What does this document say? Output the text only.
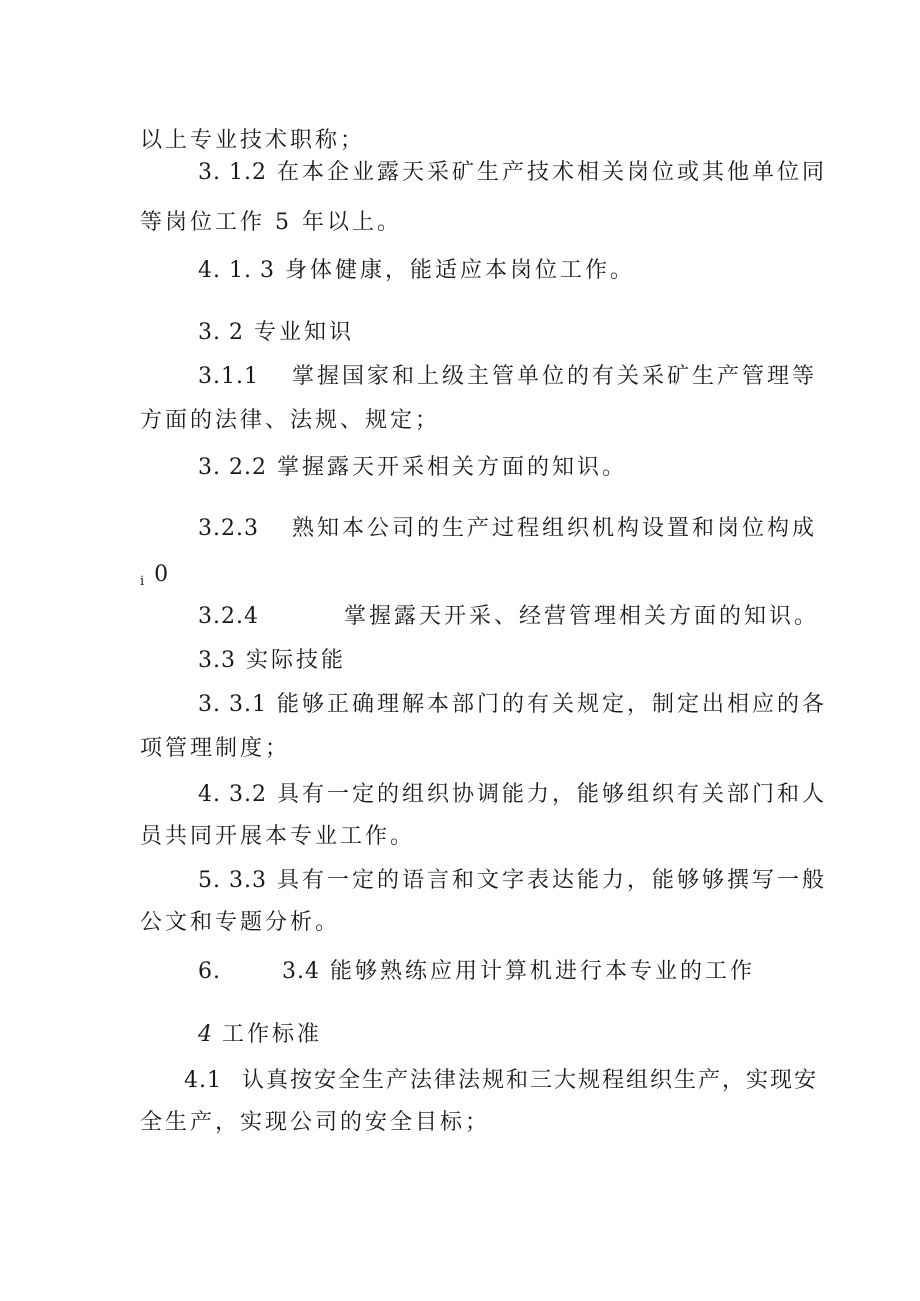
以上专业技术职称；
3. 1.2 在本企业露天采矿生产技术相关岗位或其他单位同
等岗位工作 5 年以上。
4. 1. 3 身体健康，能适应本岗位工作。
3. 2 专业知识
3.1.1 掌握国家和上级主管单位的有关采矿生产管理等
方面的法律、法规、规定；
3. 2.2 掌握露天开采相关方面的知识。
3.2.3 熟知本公司的生产过程组织机构设置和岗位构成
$_i$ 0
3.2.4	掌握露天开采、经营管理相关方面的知识。
3.3 实际技能
3. 3.1 能够正确理解本部门的有关规定，制定出相应的各
项管理制度；
4. 3.2 具有一定的组织协调能力，能够组织有关部门和人
员共同开展本专业工作。
5. 3.3 具有一定的语言和文字表达能力，能够够撰写一般
公文和专题分析。
6.	3.4 能够熟练应用计算机进行本专业的工作
4 工作标准
4.1 认真按安全生产法律法规和三大规程组织生产，实现安
全生产，实现公司的安全目标；
